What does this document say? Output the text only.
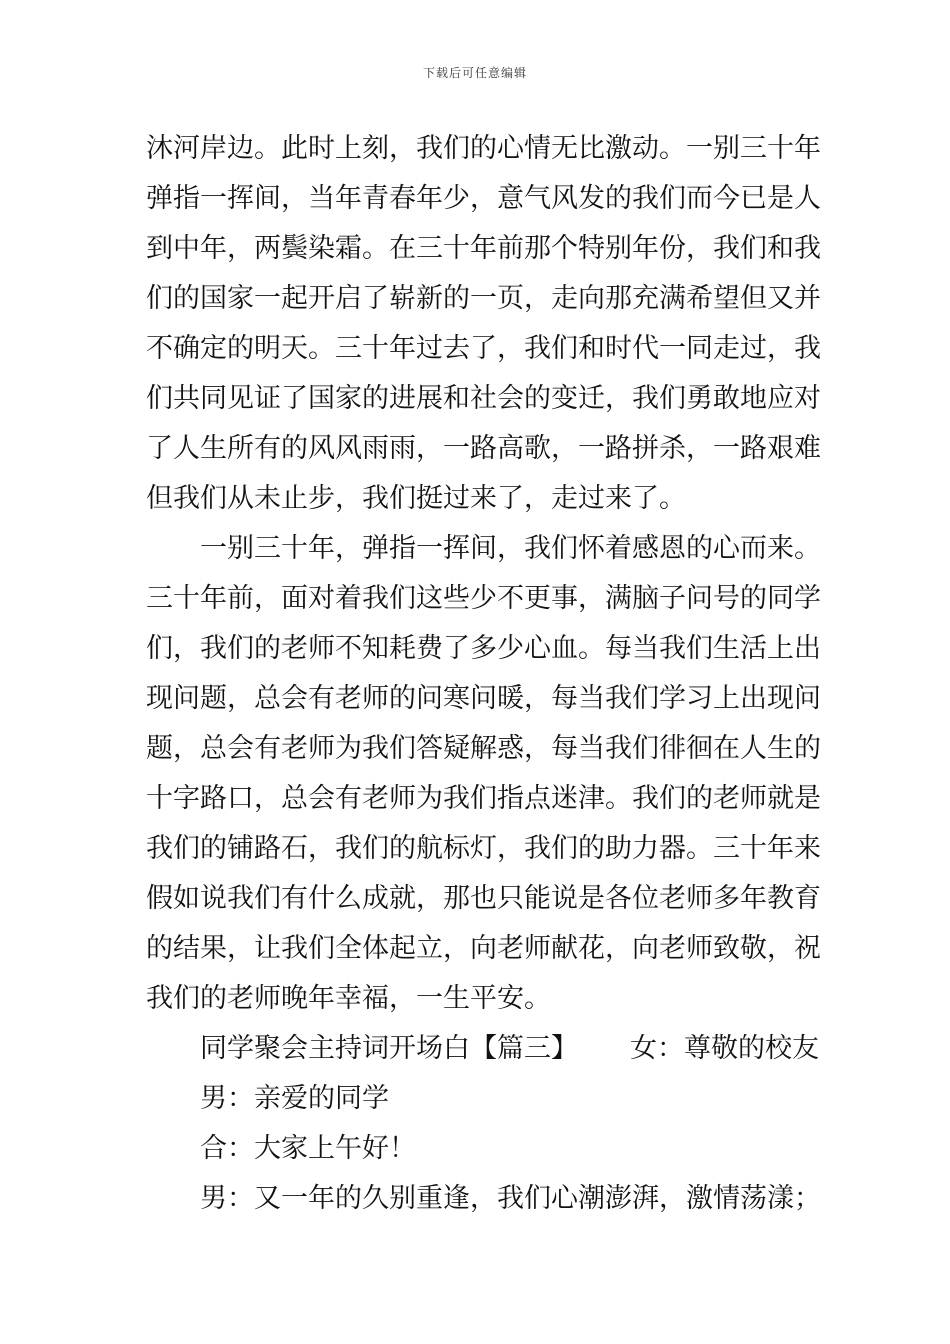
下载后可任意编辑
沐河岸边。此时上刻，我们的心情无比激动。一别三十年
弹指一挥间，当年青春年少，意气风发的我们而今已是人
到中年，两鬓染霜。在三十年前那个特别年份，我们和我
们的国家一起开启了崭新的一页，走向那充满希望但又并
不确定的明天。三十年过去了，我们和时代一同走过，我
们共同见证了国家的进展和社会的变迁，我们勇敢地应对
了人生所有的风风雨雨，一路高歌，一路拼杀，一路艰难
但我们从未止步，我们挺过来了，走过来了。
一别三十年，弹指一挥间，我们怀着感恩的心而来。
三十年前，面对着我们这些少不更事，满脑子问号的同学
们，我们的老师不知耗费了多少心血。每当我们生活上出
现问题，总会有老师的问寒问暖，每当我们学习上出现问
题，总会有老师为我们答疑解惑，每当我们徘徊在人生的
十字路口，总会有老师为我们指点迷津。我们的老师就是
我们的铺路石，我们的航标灯，我们的助力器。三十年来
假如说我们有什么成就，那也只能说是各位老师多年教育
的结果，让我们全体起立，向老师献花，向老师致敬，祝
我们的老师晚年幸福，一生平安。
同学聚会主持词开场白【篇三】 女：尊敬的校友
男：亲爱的同学
合：大家上午好！
男：又一年的久别重逢，我们心潮澎湃，激情荡漾；
